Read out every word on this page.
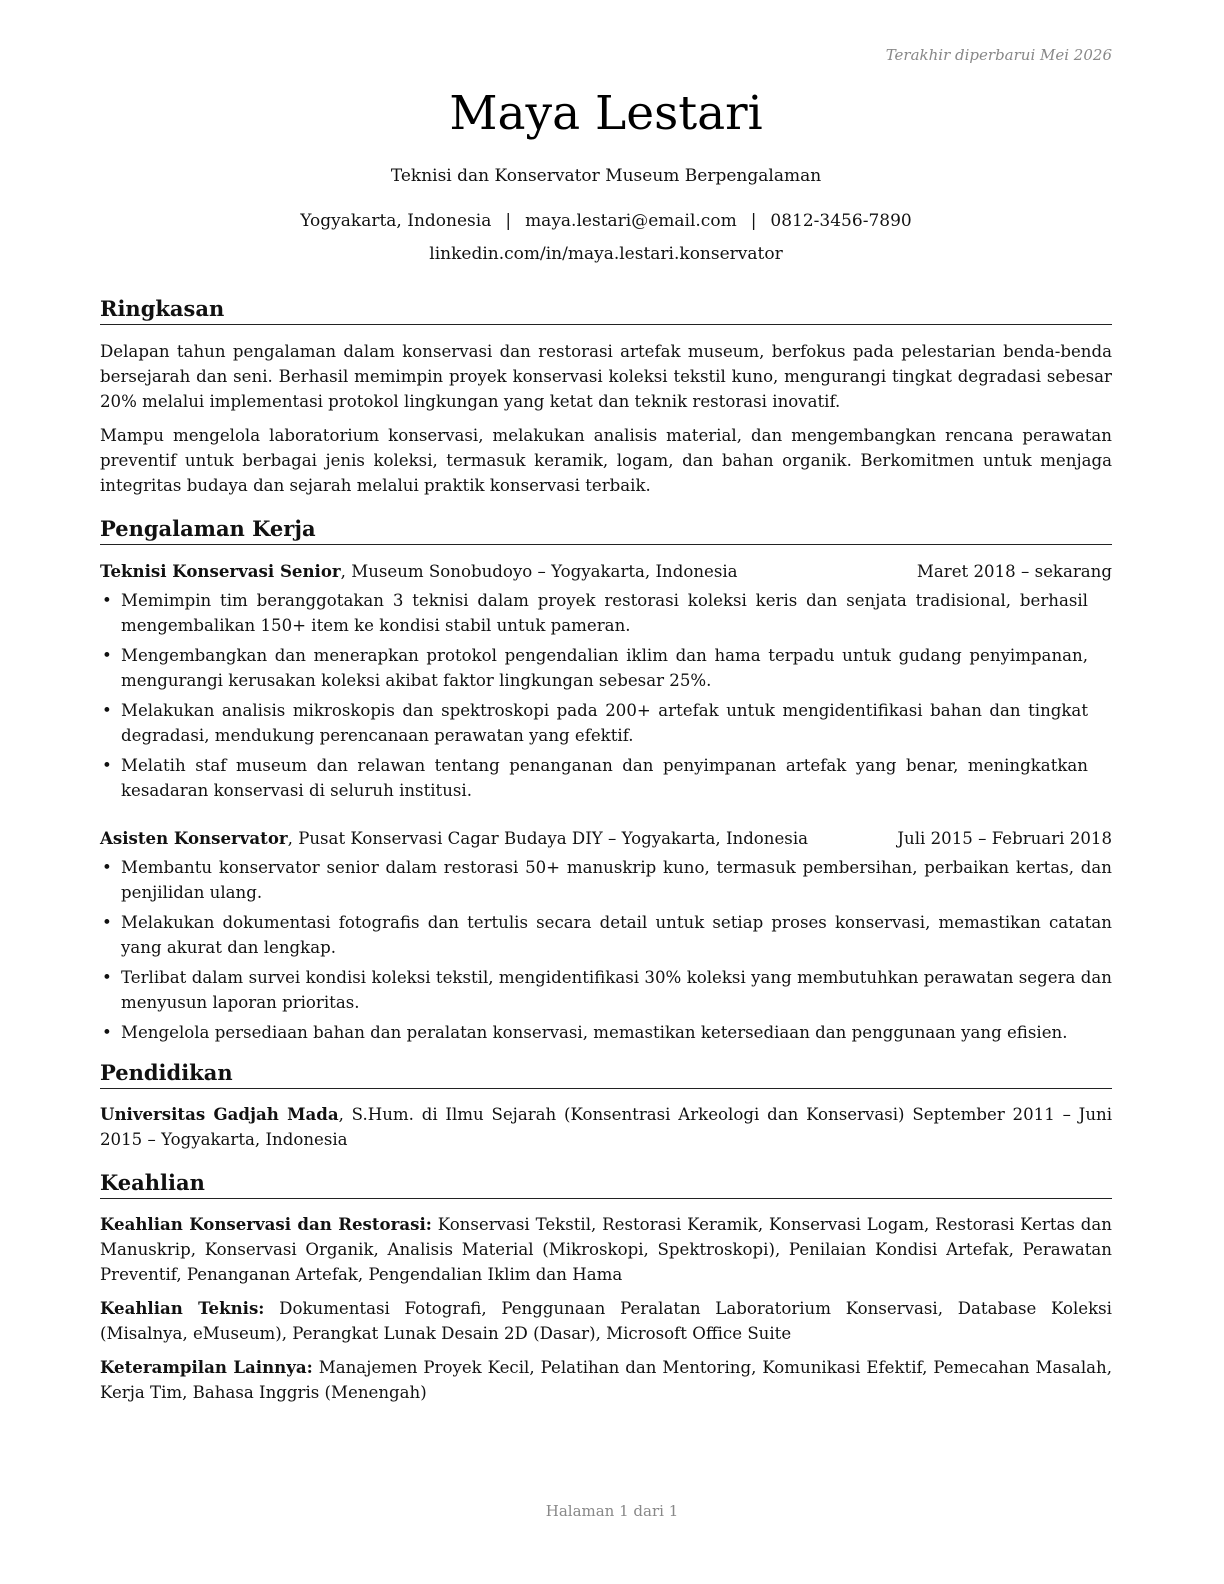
Terakhir diperbarui Mei 2026
Maya Lestari
Teknisi dan Konservator Museum Berpengalaman
Yogyakarta, Indonesia | maya.lestari@email.com | 0812-3456-7890
linkedin.com/in/maya.lestari.konservator
Ringkasan

Delapan tahun pengalaman dalam konservasi dan restorasi artefak museum, berfokus pada pelestarian benda-benda bersejarah dan seni. Berhasil memimpin proyek konservasi koleksi tekstil kuno, mengurangi tingkat degradasi sebesar 20% melalui implementasi protokol lingkungan yang ketat dan teknik restorasi inovatif.

Mampu mengelola laboratorium konservasi, melakukan analisis material, dan mengembangkan rencana perawatan preventif untuk berbagai jenis koleksi, termasuk keramik, logam, dan bahan organik. Berkomitmen untuk menjaga integritas budaya dan sejarah melalui praktik konservasi terbaik.

Pengalaman Kerja
Teknisi Konservasi Senior, Museum Sonobudoyo – Yogyakarta, Indonesia	Maret 2018 – sekarang
• Memimpin tim beranggotakan 3 teknisi dalam proyek restorasi koleksi keris dan senjata tradisional, berhasil mengembalikan 150+ item ke kondisi stabil untuk pameran.
• Mengembangkan dan menerapkan protokol pengendalian iklim dan hama terpadu untuk gudang penyimpanan, mengurangi kerusakan koleksi akibat faktor lingkungan sebesar 25%.
• Melakukan analisis mikroskopis dan spektroskopi pada 200+ artefak untuk mengidentifikasi bahan dan tingkat degradasi, mendukung perencanaan perawatan yang efektif.
• Melatih staf museum dan relawan tentang penanganan dan penyimpanan artefak yang benar, meningkatkan kesadaran konservasi di seluruh institusi.
Asisten Konservator, Pusat Konservasi Cagar Budaya DIY – Yogyakarta, Indonesia	Juli 2015 – Februari 2018
• Membantu konservator senior dalam restorasi 50+ manuskrip kuno, termasuk pembersihan, perbaikan kertas, dan penjilidan ulang.
• Melakukan dokumentasi fotografis dan tertulis secara detail untuk setiap proses konservasi, memastikan catatan yang akurat dan lengkap.
• Terlibat dalam survei kondisi koleksi tekstil, mengidentifikasi 30% koleksi yang membutuhkan perawatan segera dan menyusun laporan prioritas.
• Mengelola persediaan bahan dan peralatan konservasi, memastikan ketersediaan dan penggunaan yang efisien.
Pendidikan
Universitas Gadjah Mada, S.Hum. di Ilmu Sejarah (Konsentrasi Arkeologi dan Konservasi) September 2011 – Juni 2015 – Yogyakarta, Indonesia
Keahlian

Keahlian Konservasi dan Restorasi: Konservasi Tekstil, Restorasi Keramik, Konservasi Logam, Restorasi Kertas dan Manuskrip, Konservasi Organik, Analisis Material (Mikroskopi, Spektroskopi), Penilaian Kondisi Artefak, Perawatan Preventif, Penanganan Artefak, Pengendalian Iklim dan Hama

Keahlian Teknis: Dokumentasi Fotografi, Penggunaan Peralatan Laboratorium Konservasi, Database Koleksi (Misalnya, eMuseum), Perangkat Lunak Desain 2D (Dasar), Microsoft Office Suite

Keterampilan Lainnya: Manajemen Proyek Kecil, Pelatihan dan Mentoring, Komunikasi Efektif, Pemecahan Masalah, Kerja Tim, Bahasa Inggris (Menengah)

Halaman 1 dari 1
